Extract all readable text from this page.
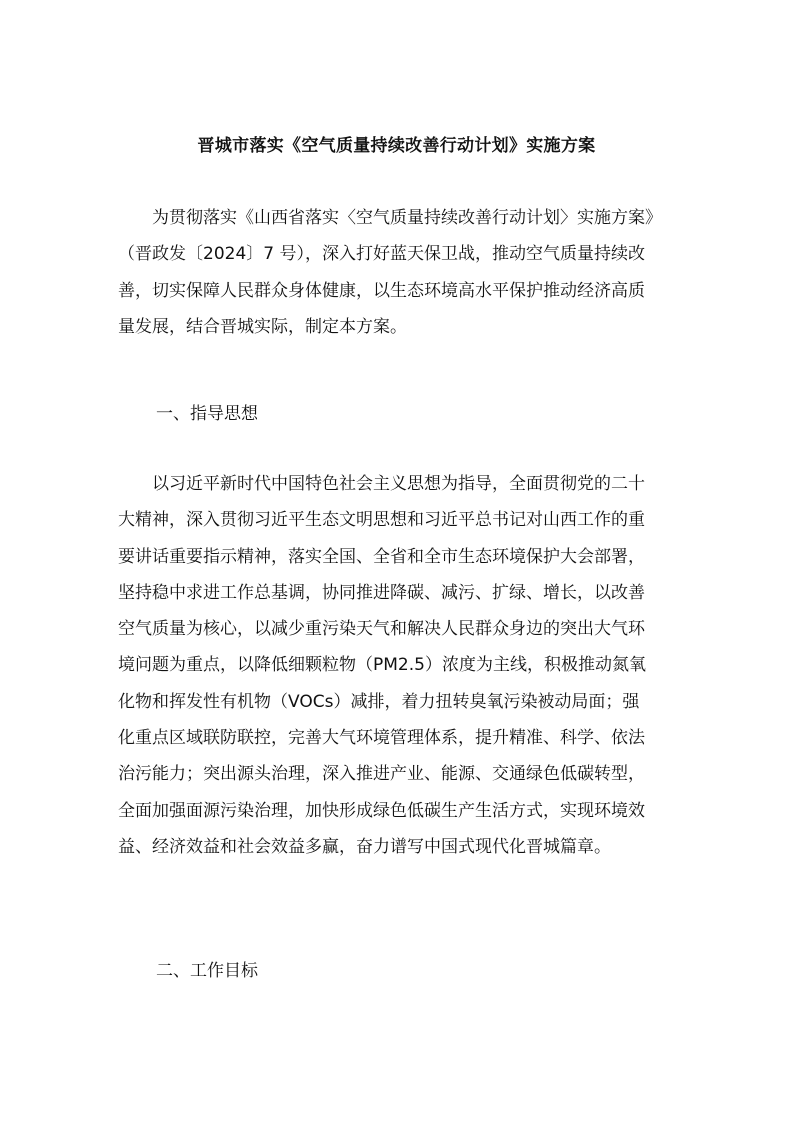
晋城市落实《空气质量持续改善行动计划》实施方案
　　为贯彻落实《山西省落实〈空气质量持续改善行动计划〉实施方案》
（晋政发〔2024〕7 号），深入打好蓝天保卫战，推动空气质量持续改
善，切实保障人民群众身体健康，以生态环境高水平保护推动经济高质
量发展，结合晋城实际，制定本方案。
一、指导思想
　　以习近平新时代中国特色社会主义思想为指导，全面贯彻党的二十
大精神，深入贯彻习近平生态文明思想和习近平总书记对山西工作的重
要讲话重要指示精神，落实全国、全省和全市生态环境保护大会部署，
坚持稳中求进工作总基调，协同推进降碳、减污、扩绿、增长，以改善
空气质量为核心，以减少重污染天气和解决人民群众身边的突出大气环
境问题为重点，以降低细颗粒物（PM2.5）浓度为主线，积极推动氮氧
化物和挥发性有机物（VOCs）减排，着力扭转臭氧污染被动局面；强
化重点区域联防联控，完善大气环境管理体系，提升精准、科学、依法
治污能力；突出源头治理，深入推进产业、能源、交通绿色低碳转型，
全面加强面源污染治理，加快形成绿色低碳生产生活方式，实现环境效
益、经济效益和社会效益多赢，奋力谱写中国式现代化晋城篇章。
二、工作目标
